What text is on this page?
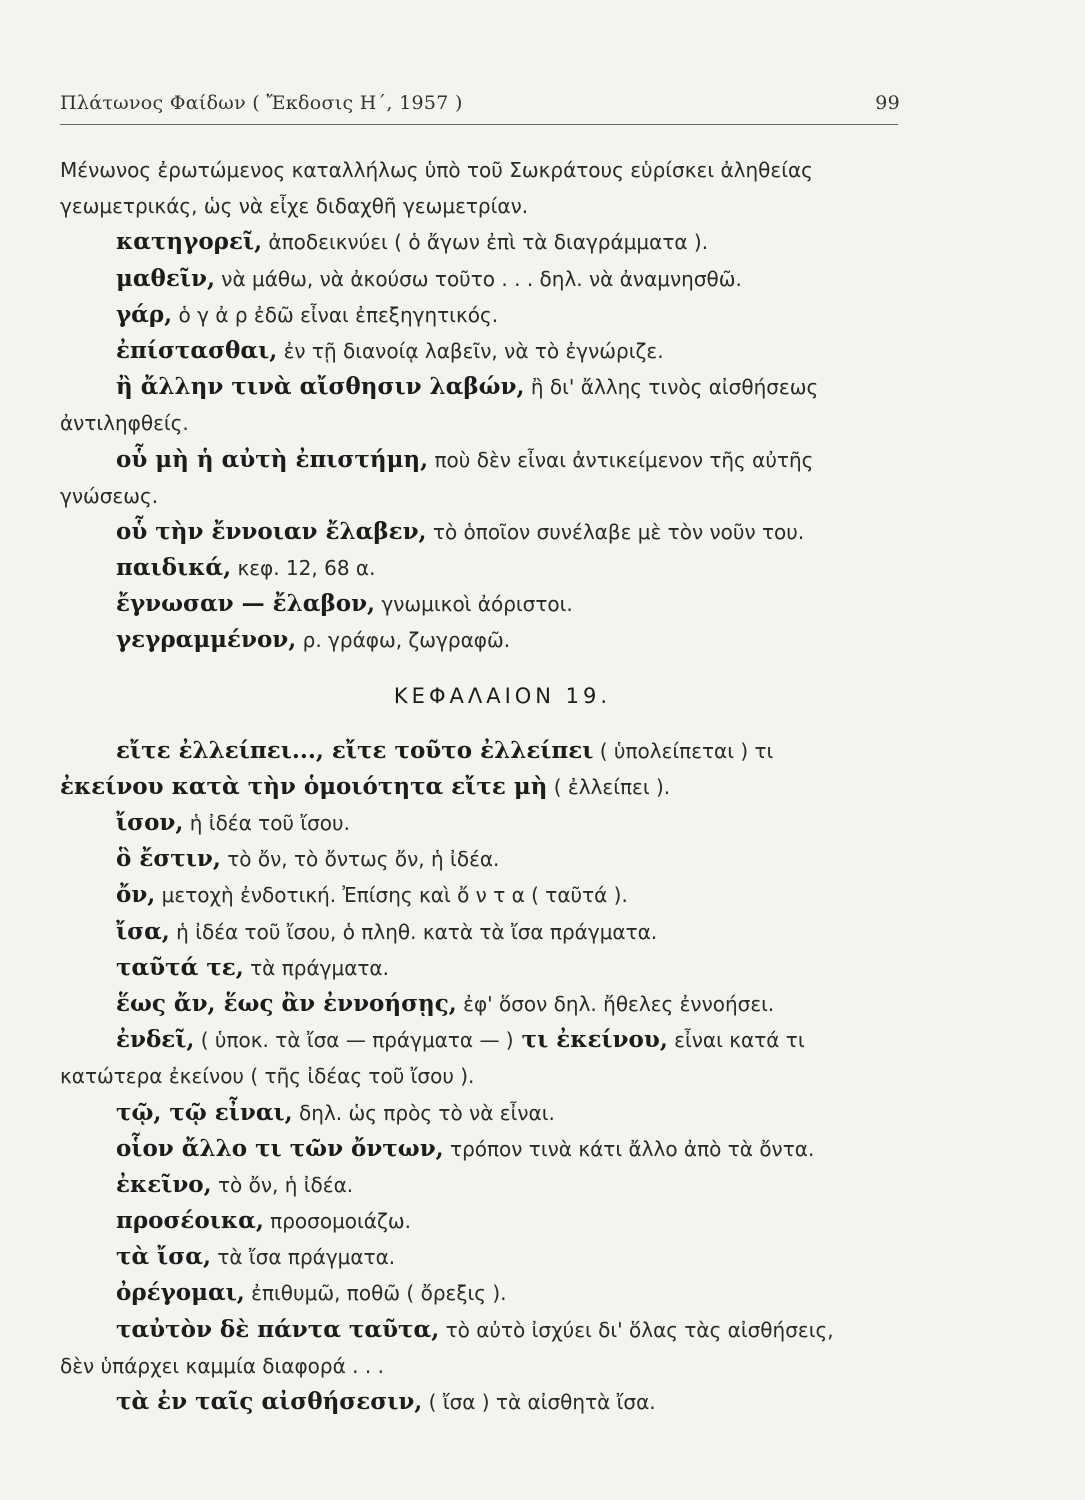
Πλάτωνος Φαίδων ( Ἔκδοσις Η΄, 1957 )	99
Μένωνος ἐρωτώμενος καταλλήλως ὑπὸ τοῦ Σωκράτους εὑρίσκει ἀληθείας
γεωμετρικάς, ὡς νὰ εἶχε διδαχθῆ γεωμετρίαν.
κατηγορεῖ, ἀποδεικνύει ( ὁ ἄγων ἐπὶ τὰ διαγράμματα ).
μαθεῖν, νὰ μάθω, νὰ ἀκούσω τοῦτο . . . δηλ. νὰ ἀναμνησθῶ.
γάρ, ὁ γ ἀ ρ ἐδῶ εἶναι ἐπεξηγητικός.
ἐπίστασθαι, ἐν τῇ διανοίᾳ λαβεῖν, νὰ τὸ ἐγνώριζε.
ἢ ἄλλην τινὰ αἴσθησιν λαβών, ἢ δι' ἄλλης τινὸς αἰσθήσεως
ἀντιληφθείς.
οὗ μὴ ἡ αὐτὴ ἐπιστήμη, ποὺ δὲν εἶναι ἀντικείμενον τῆς αὐτῆς
γνώσεως.
οὗ τὴν ἔννοιαν ἔλαβεν, τὸ ὁποῖον συνέλαβε μὲ τὸν νοῦν του.
παιδικά, κεφ. 12, 68 α.
ἔγνωσαν — ἔλαβον, γνωμικοὶ ἀόριστοι.
γεγραμμένον, ρ. γράφω, ζωγραφῶ.
ΚΕΦΑΛΑΙΟΝ 19.
εἴτε ἐλλείπει..., εἴτε τοῦτο ἐλλείπει ( ὑπολείπεται ) τι
ἐκείνου κατὰ τὴν ὁμοιότητα εἴτε μὴ ( ἐλλείπει ).
ἴσον, ἡ ἰδέα τοῦ ἴσου.
ὃ ἔστιν, τὸ ὄν, τὸ ὄντως ὄν, ἡ ἰδέα.
ὄν, μετοχὴ ἐνδοτική. Ἐπίσης καὶ ὄ ν τ α ( ταῦτά ).
ἴσα, ἡ ἰδέα τοῦ ἴσου, ὁ πληθ. κατὰ τὰ ἴσα πράγματα.
ταῦτά τε, τὰ πράγματα.
ἕως ἄν, ἕως ἂν ἐννοήσῃς, ἐφ' ὅσον δηλ. ἤθελες ἐννοήσει.
ἐνδεῖ, ( ὑποκ. τὰ ἴσα — πράγματα — ) τι ἐκείνου, εἶναι κατά τι
κατώτερα ἐκείνου ( τῆς ἰδέας τοῦ ἴσου ).
τῷ, τῷ εἶναι, δηλ. ὡς πρὸς τὸ νὰ εἶναι.
οἷον ἄλλο τι τῶν ὄντων, τρόπον τινὰ κάτι ἄλλο ἀπὸ τὰ ὄντα.
ἐκεῖνο, τὸ ὄν, ἡ ἰδέα.
προσέοικα, προσομοιάζω.
τὰ ἴσα, τὰ ἴσα πράγματα.
ὀρέγομαι, ἐπιθυμῶ, ποθῶ ( ὄρεξις ).
ταὐτὸν δὲ πάντα ταῦτα, τὸ αὐτὸ ἰσχύει δι' ὅλας τὰς αἰσθήσεις,
δὲν ὑπάρχει καμμία διαφορά . . .
τὰ ἐν ταῖς αἰσθήσεσιν, ( ἴσα ) τὰ αἰσθητὰ ἴσα.
